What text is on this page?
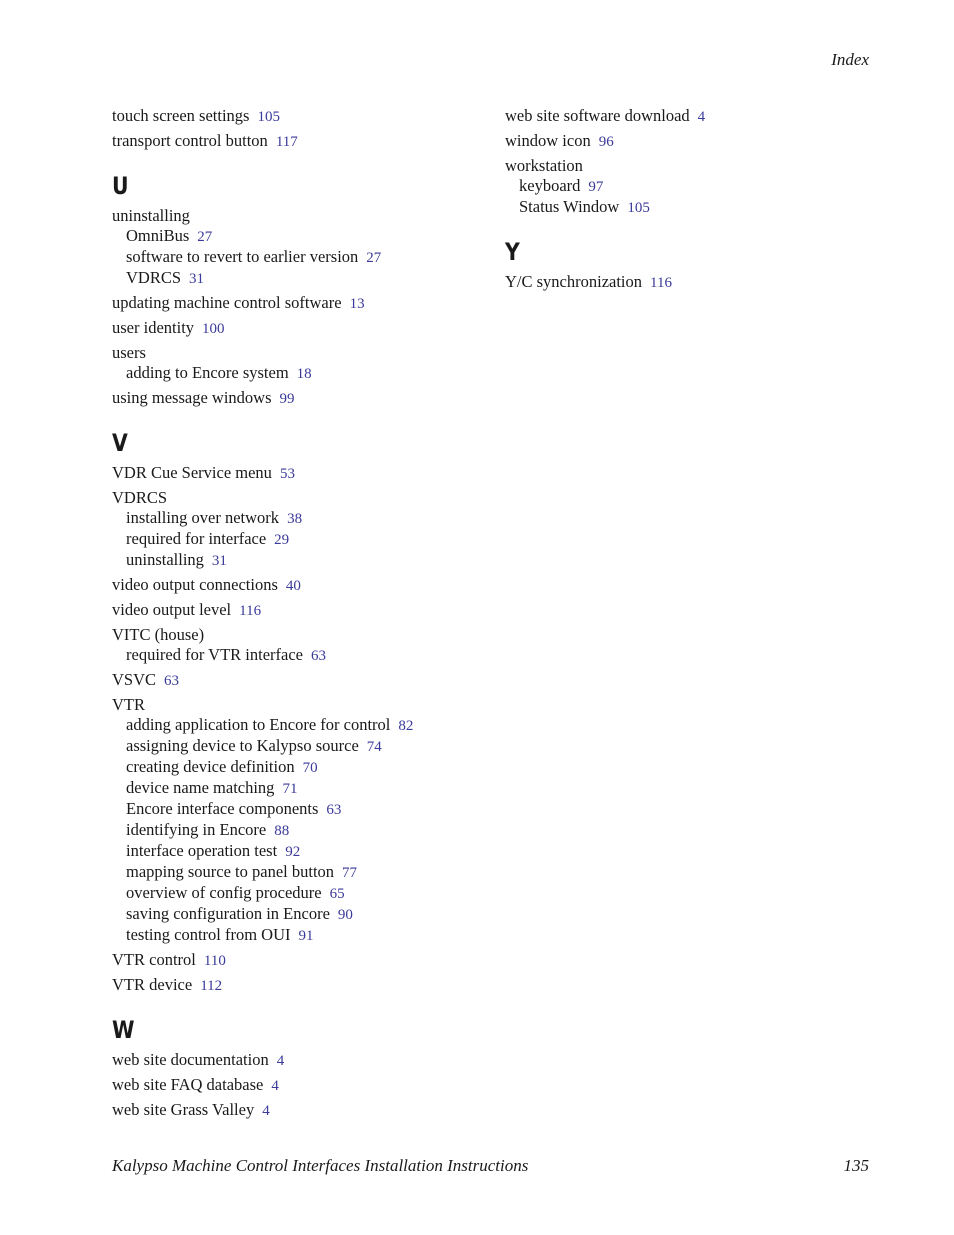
Index
touch screen settings 105
transport control button 117
U
uninstalling
OmniBus 27
software to revert to earlier version 27
VDRCS 31
updating machine control software 13
user identity 100
users
adding to Encore system 18
using message windows 99
V
VDR Cue Service menu 53
VDRCS
installing over network 38
required for interface 29
uninstalling 31
video output connections 40
video output level 116
VITC (house)
required for VTR interface 63
VSVC 63
VTR
adding application to Encore for control 82
assigning device to Kalypso source 74
creating device definition 70
device name matching 71
Encore interface components 63
identifying in Encore 88
interface operation test 92
mapping source to panel button 77
overview of config procedure 65
saving configuration in Encore 90
testing control from OUI 91
VTR control 110
VTR device 112
W
web site documentation 4
web site FAQ database 4
web site Grass Valley 4
web site software download 4
window icon 96
workstation
keyboard 97
Status Window 105
Y
Y/C synchronization 116
Kalypso Machine Control Interfaces Installation Instructions	135
